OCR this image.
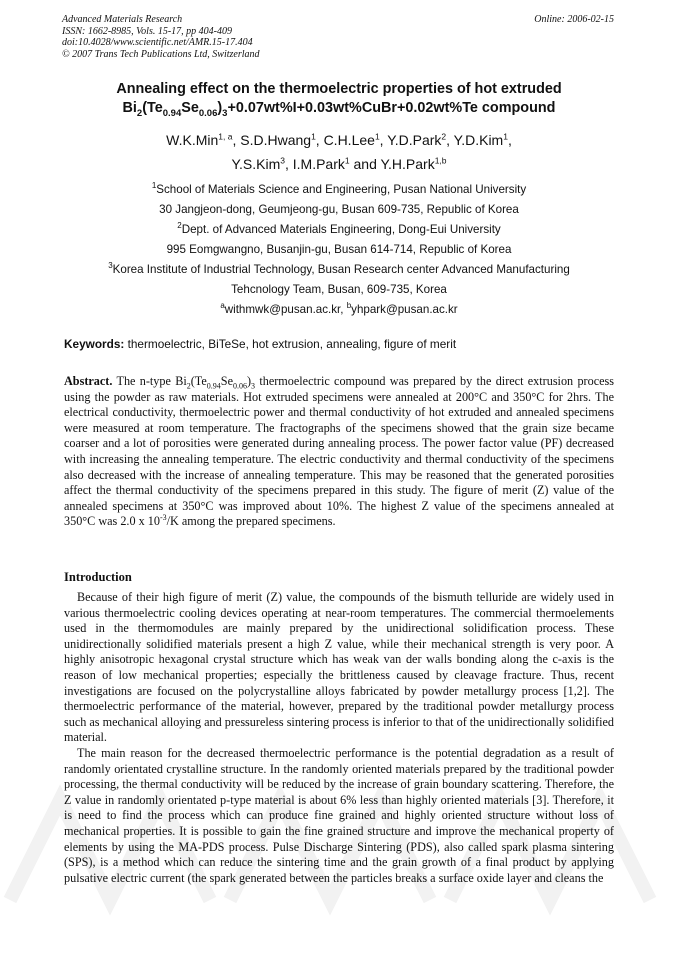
Advanced Materials Research
ISSN: 1662-8985, Vols. 15-17, pp 404-409
doi:10.4028/www.scientific.net/AMR.15-17.404
© 2007 Trans Tech Publications Ltd, Switzerland
Online: 2006-02-15
Annealing effect on the thermoelectric properties of hot extruded
$Bi_2(Te_{0.94}Se_{0.06})_3+0.07wt\%I+0.03wt\%CuBr+0.02wt\%Te$ compound
W.K.Min$^{1, a}$, S.D.Hwang$^1$, C.H.Lee$^1$, Y.D.Park$^2$, Y.D.Kim$^1$,
Y.S.Kim$^3$, I.M.Park$^1$ and Y.H.Park$^{1,b}$
$^1$School of Materials Science and Engineering, Pusan National University
30 Jangjeon-dong, Geumjeong-gu, Busan 609-735, Republic of Korea
$^2$Dept. of Advanced Materials Engineering, Dong-Eui University
995 Eomgwangno, Busanjin-gu, Busan 614-714, Republic of Korea
$^3$Korea Institute of Industrial Technology, Busan Research center Advanced Manufacturing
Tehcnology Team, Busan, 609-735, Korea
$^a$withmwk@pusan.ac.kr, $^b$yhpark@pusan.ac.kr
Keywords: thermoelectric, BiTeSe, hot extrusion, annealing, figure of merit
Abstract. The n-type $Bi_2(Te_{0.94}Se_{0.06})_3$ thermoelectric compound was prepared by the direct extrusion process using the powder as raw materials. Hot extruded specimens were annealed at 200°C and 350°C for 2hrs. The electrical conductivity, thermoelectric power and thermal conductivity of hot extruded and annealed specimens were measured at room temperature. The fractographs of the specimens showed that the grain size became coarser and a lot of porosities were generated during annealing process. The power factor value (PF) decreased with increasing the annealing temperature. The electric conductivity and thermal conductivity of the specimens also decreased with the increase of annealing temperature. This may be reasoned that the generated porosities affect the thermal conductivity of the specimens prepared in this study. The figure of merit (Z) value of the annealed specimens at 350°C was improved about 10%. The highest Z value of the specimens annealed at 350°C was 2.0 x $10^{-3}/K$ among the prepared specimens.
Introduction

Because of their high figure of merit (Z) value, the compounds of the bismuth telluride are widely used in various thermoelectric cooling devices operating at near-room temperatures. The commercial thermoelements used in the thermomodules are mainly prepared by the unidirectional solidification process. These unidirectionally solidified materials present a high Z value, while their mechanical strength is very poor. A highly anisotropic hexagonal crystal structure which has weak van der walls bonding along the c-axis is the reason of low mechanical properties; especially the brittleness caused by cleavage fracture. Thus, recent investigations are focused on the polycrystalline alloys fabricated by powder metallurgy process [1,2]. The thermoelectric performance of the material, however, prepared by the traditional powder metallurgy process such as mechanical alloying and pressureless sintering process is inferior to that of the unidirectionally solidified material.

The main reason for the decreased thermoelectric performance is the potential degradation as a result of randomly orientated crystalline structure. In the randomly oriented materials prepared by the traditional powder processing, the thermal conductivity will be reduced by the increase of grain boundary scattering. Therefore, the Z value in randomly orientated p-type material is about 6% less than highly oriented materials [3]. Therefore, it is need to find the process which can produce fine grained and highly oriented structure without loss of mechanical properties. It is possible to gain the fine grained structure and improve the mechanical property of elements by using the MA-PDS process. Pulse Discharge Sintering (PDS), also called spark plasma sintering (SPS), is a method which can reduce the sintering time and the grain growth of a final product by applying pulsative electric current (the spark generated between the particles breaks a surface oxide layer and cleans the
